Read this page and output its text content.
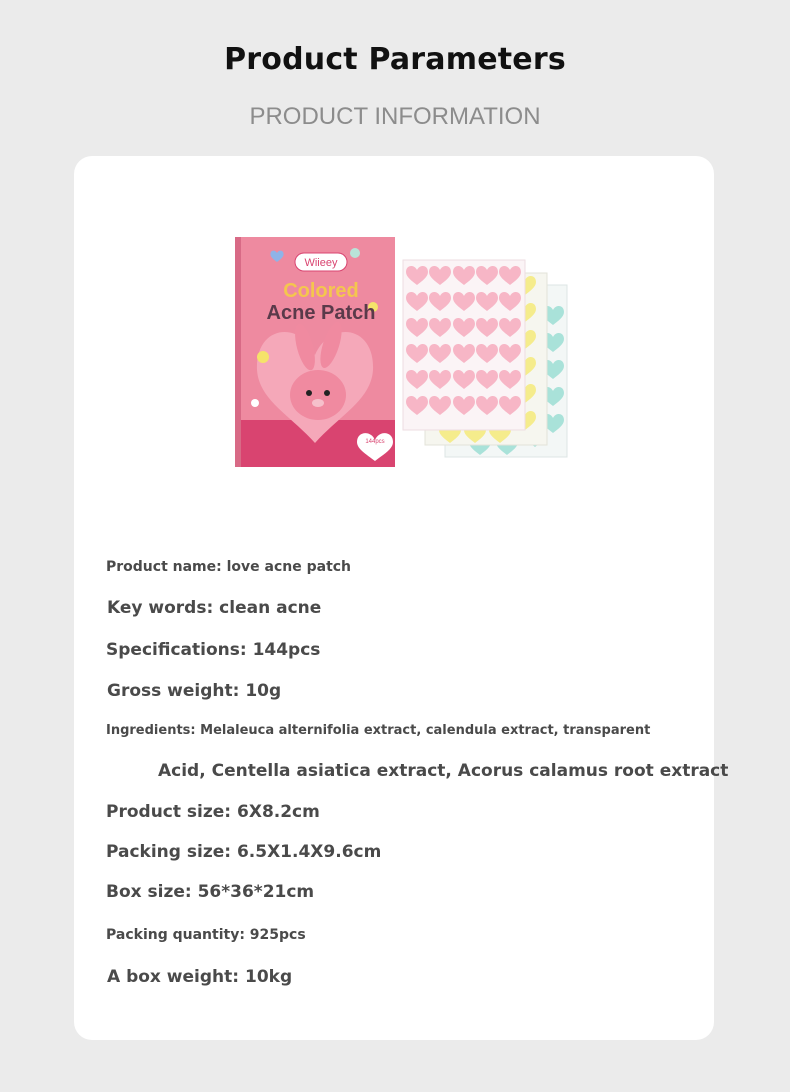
Product Parameters
PRODUCT INFORMATION
Wiieey
Colored
Acne Patch
144pcs
Product name: love acne patch
Key words: clean acne
Specifications: 144pcs
Gross weight: 10g
Ingredients: Melaleuca alternifolia extract, calendula extract, transparent
Acid, Centella asiatica extract, Acorus calamus root extract
Product size: 6X8.2cm
Packing size: 6.5X1.4X9.6cm
Box size: 56*36*21cm
Packing quantity: 925pcs
A box weight: 10kg
